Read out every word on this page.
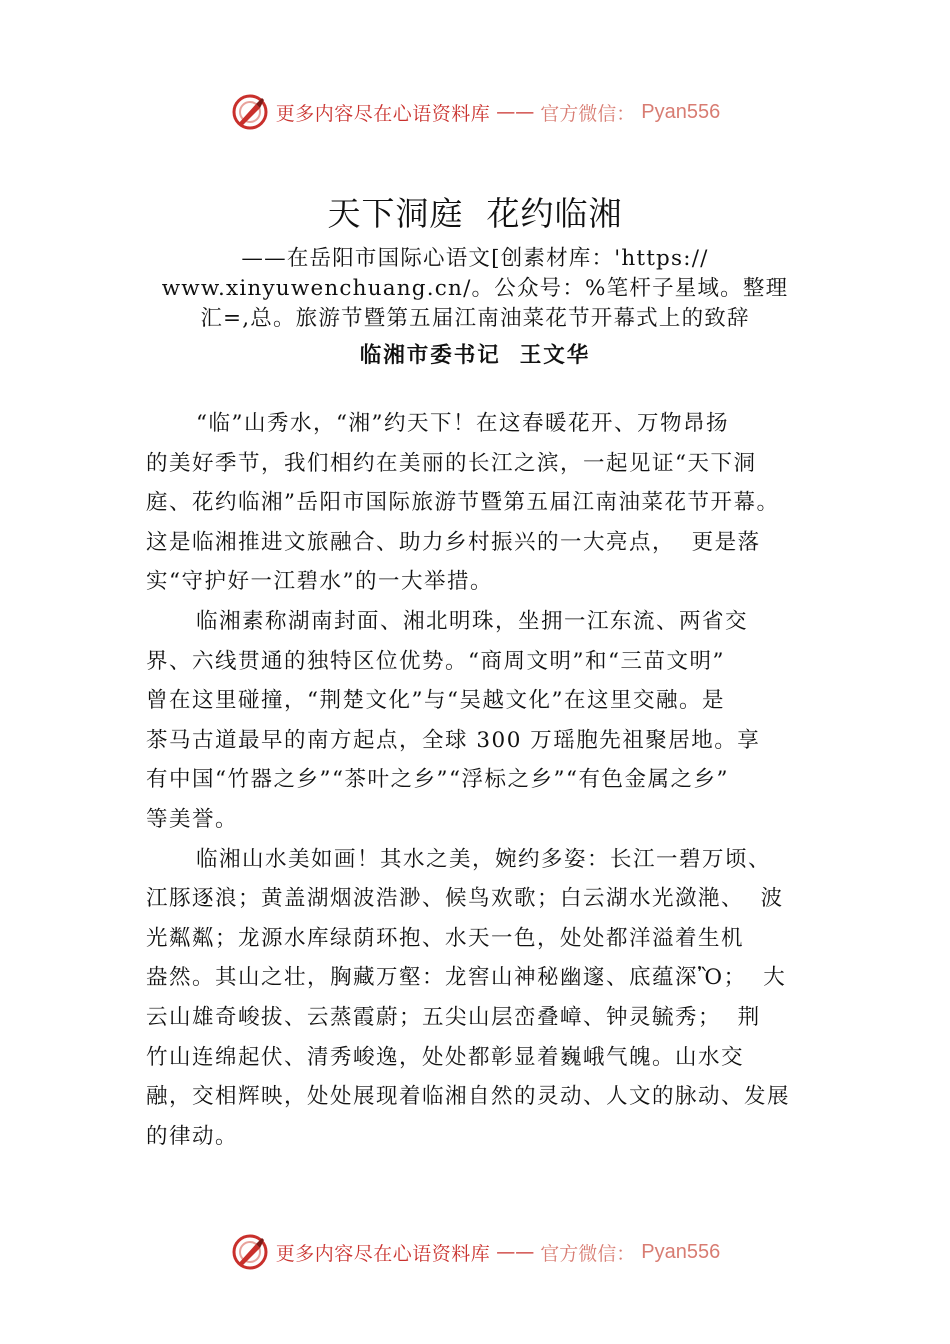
更多内容尽在心语资料库 —— 官方微信： Pyan556
天下洞庭  花约临湘
——在岳阳市国际心语文[创素材库：'https://
www.xinyuwenchuang.cn/。公众号：%笔杆子星域。整理
汇=,总。旅游节暨第五届江南油菜花节开幕式上的致辞
临湘市委书记  王文华
“临”山秀水，“湘”约天下！在这春暖花开、万物昂扬
的美好季节，我们相约在美丽的长江之滨，一起见证“天下洞
庭、花约临湘”岳阳市国际旅游节暨第五届江南油菜花节开幕。
这是临湘推进文旅融合、助力乡村振兴的一大亮点，  更是落
实“守护好一江碧水”的一大举措。
临湘素称湖南封面、湘北明珠，坐拥一江东流、两省交
界、六线贯通的独特区位优势。“商周文明”和“三苗文明”
曾在这里碰撞，“荆楚文化”与“吴越文化”在这里交融。是
茶马古道最早的南方起点，全球 300 万瑶胞先祖聚居地。享
有中国“竹器之乡”“茶叶之乡”“浮标之乡”“有色金属之乡”
等美誉。
临湘山水美如画！其水之美，婉约多姿：长江一碧万顷、
江豚逐浪；黄盖湖烟波浩渺、候鸟欢歌；白云湖水光潋滟、  波
光粼粼；龙源水库绿荫环抱、水天一色，处处都洋溢着生机
盎然。其山之壮，胸藏万壑：龙窖山神秘幽邃、底蕴深Ὂ；  大
云山雄奇峻拔、云蒸霞蔚；五尖山层峦叠嶂、钟灵毓秀；  荆
竹山连绵起伏、清秀峻逸，处处都彰显着巍峨气魄。山水交
融，交相辉映，处处展现着临湘自然的灵动、人文的脉动、发展
的律动。
更多内容尽在心语资料库 —— 官方微信： Pyan556
